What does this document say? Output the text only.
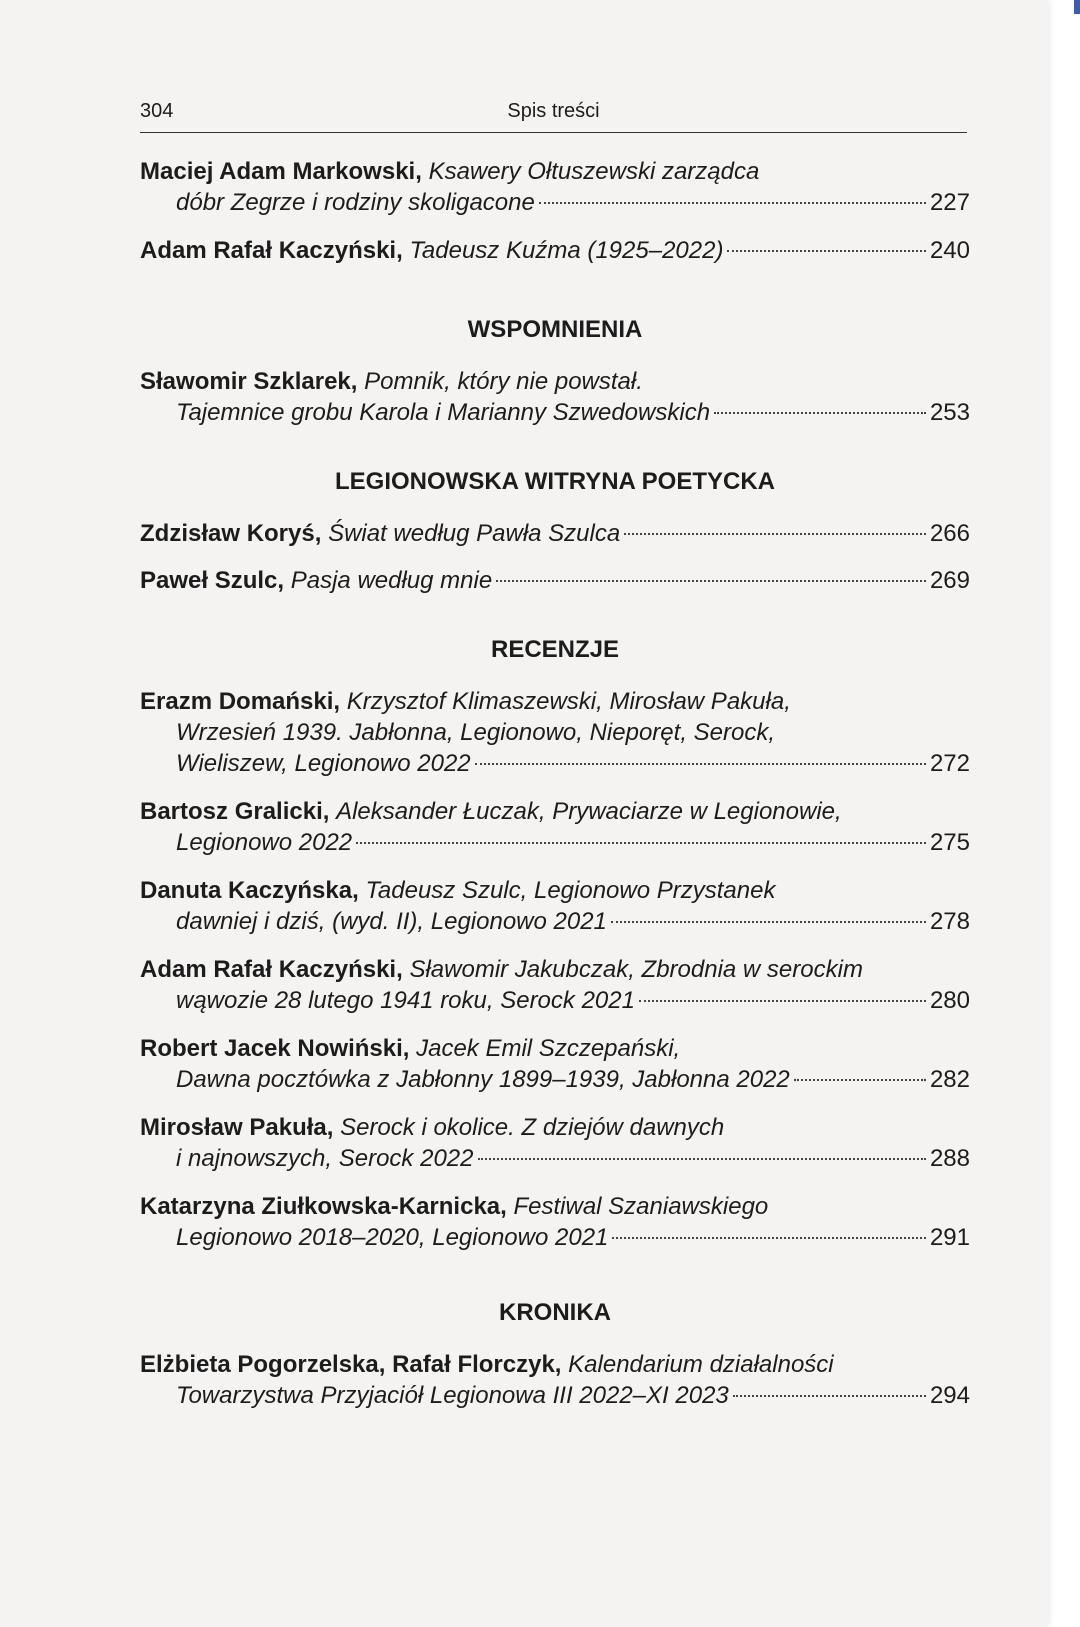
304	Spis treści
Maciej Adam Markowski,
Ksawery Ołtuszewski zarządca
dóbr Zegrze i rodziny skoligacone	227
Adam Rafał Kaczyński,
Tadeusz Kuźma (1925–2022)	240
WSPOMNIENIA
Sławomir Szklarek,
Pomnik, który nie powstał.
Tajemnice grobu Karola i Marianny Szwedowskich	253
LEGIONOWSKA WITRYNA POETYCKA
Zdzisław Koryś,
Świat według Pawła Szulca	266
Paweł Szulc,
Pasja według mnie	269
RECENZJE
Erazm Domański,
Krzysztof Klimaszewski, Mirosław Pakuła,
Wrzesień 1939. Jabłonna, Legionowo, Nieporęt, Serock,
Wieliszew, Legionowo 2022	272
Bartosz Gralicki,
Aleksander Łuczak, Prywaciarze w Legionowie,
Legionowo 2022	275
Danuta Kaczyńska,
Tadeusz Szulc, Legionowo Przystanek
dawniej i dziś, (wyd. II), Legionowo 2021	278
Adam Rafał Kaczyński,
Sławomir Jakubczak, Zbrodnia w serockim
wąwozie 28 lutego 1941 roku, Serock 2021	280
Robert Jacek Nowiński,
Jacek Emil Szczepański,
Dawna pocztówka z Jabłonny 1899–1939, Jabłonna 2022	282
Mirosław Pakuła,
Serock i okolice. Z dziejów dawnych
i najnowszych, Serock 2022	288
Katarzyna Ziułkowska-Karnicka,
Festiwal Szaniawskiego
Legionowo 2018–2020, Legionowo 2021	291
KRONIKA
Elżbieta Pogorzelska, Rafał Florczyk,
Kalendarium działalności
Towarzystwa Przyjaciół Legionowa III 2022–XI 2023	294
